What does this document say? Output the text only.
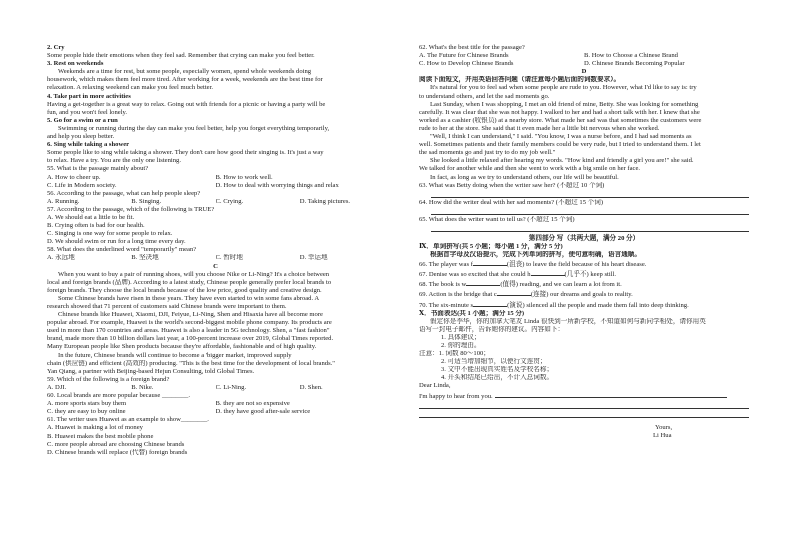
2. Cry
Some people hide their emotions when they feel sad. Remember that crying can make you feel better.
3. Rest on weekends
Weekends are a time for rest, but some people, especially women, spend whole weekends doing
housework, which makes them feel more tired. After working for a week, weekends are the best time for
relaxation. A relaxing weekend can make you feel much better.
4. Take part in more activities
Having a get-together is a great way to relax. Going out with friends for a picnic or having a party will be
fun, and you won't feel lonely.
5. Go for a swim or a run
Swimming or running during the day can make you feel better, help you forget everything temporarily,
and help you sleep better.
6. Sing while taking a shower
Some people like to sing while taking a shower. They don't care how good their singing is. It's just a way
to relax. Have a try. You are the only one listening.
55. What is the passage mainly about?
A. How to cheer up.	B. How to work well.
C. Life in Modern society.	D. How to deal with worrying things and relax
56. According to the passage, what can help people sleep?
A. Running.	B. Singing.	C. Crying.	D. Taking pictures.
57. According to the passage, which of the following is TRUE?
A. We should eat a little to be fit.
B. Crying often is bad for our health.
C. Singing is one way for some people to relax.
D. We should swim or run for a long time every day.
58. What does the underlined word "temporarily" mean?
A. 永远地	B. 坚决地	C. 暂时地	D. 幸运地
C
When you want to buy a pair of running shoes, will you choose Nike or Li-Ning? It's a choice between
local and foreign brands (品牌). According to a latest study, Chinese people generally prefer local brands to
foreign brands. They choose the local brands because of the low price, good quality and creative design.
Some Chinese brands have risen in these years. They have even started to win some fans abroad. A
research showed that 71 percent of customers said Chinese brands were important to them.
Chinese brands like Huawei, Xiaomi, DJI, Feiyue, Li-Ning, Shen and Hisaxia have all become more
popular abroad. For example, Huawei is the world's second-biggest mobile phone company. Its products are
used in more than 170 countries and areas. Huawei is also a leader in 5G technology. Shen, a "fast fashion"
brand, made more than 10 billion dollars last year, a 100-percent increase over 2019, Global Times reported.
Many European people like Shen products because they're affordable, fashionable and of high quality.
In the future, Chinese brands will continue to become a 'bigger market, improved supply
chain (供应链) and efficient (高效的) producing. "This is the best time for the development of local brands."
Yan Qiang, a partner with Beijing-based Hejun Consulting, told Global Times.
59. Which of the following is a foreign brand?
A. DJI.	B. Nike.	C. Li-Ning.	D. Shen.
60. Local brands are more popular because ________.
A. more sports stars buy them	B. they are not so expensive
C. they are easy to buy online	D. they have good after-sale service
61. The writer uses Huawei as an example to show________.
A. Huawei is making a lot of money
B. Huawei makes the best mobile phone
C. more people abroad are choosing Chinese brands
D. Chinese brands will replace (代替) foreign brands
62. What's the best title for the passage?
A. The Future for Chinese Brands	B. How to Choose a Chinese Brand
C. How to Develop Chinese Brands	D. Chinese Brands Becoming Popular
D
阅读下面短文，并用英语回答问题（请注意每小题后面的词数要求）。
It's natural for you to feel sad when some people are rude to you. However, what I'd like to say is: try
to understand others, and let the sad moments go.
Last Sunday, when I was shopping, I met an old friend of mine, Betty. She was looking for something
carefully. It was clear that she was not happy. I walked to her and had a short talk with her. I knew that she
worked as a cashier (收银员) at a nearby store. What made her sad was that sometimes the customers were
rude to her at the store. She said that it even made her a little bit nervous when she worked.
"Well, I think I can understand," I said. "You know, I was a nurse before, and I had sad moments as
well. Sometimes patients and their family members could be very rude, but I tried to understand them. I let
the sad moments go and just try to do my job well."
She looked a little relaxed after hearing my words. "How kind and friendly a girl you are!" she said.
We talked for another while and then she went to work with a big smile on her face.
In fact, as long as we try to understand others, our life will be beautiful.
63. What was Betty doing when the writer saw her? (不超过 10 个词)
64. How did the writer deal with her sad moments? (不超过 15 个词)
65. What does the writer want to tell us? (不超过 15 个词)
第四部分 写（共两大题，满分 20 分）
Ⅸ．单词拼写(共 5 小题；每小题 1 分，满分 5 分)
根据首字母及汉语提示，完成下列单词的拼写，使句意明确，语言通顺。
66. The player was f	(沮丧) to leave the field because of his heart disease.
67. Denise was so excited that she could h	(几乎不) keep still.
68. The book is w	(值得) reading, and we can learn a lot from it.
69. Action is the bridge that c	(连接) our dreams and goals to reality.
70. The six-minute s	(演说) silenced all the people and made them fall into deep thinking.
Ⅹ．书面表达(共 1 小题；满分 15 分)
假定你是李华，你的加拿大笔友 Linda 很快到一所新学校，不知道如何与新同学相处，请你用英
语写一封电子邮件，告诉她你的建议。内容如下：
1. 具体建议；
2. 你的理由。
注意：1. 词数 80～100；
2. 可适当增加细节，以使行文连贯；
3. 文中不能出现真实姓名及学校名称；
4. 开头和结尾已给出，不计入总词数。
Dear Linda,
I'm happy to hear from you.
Yours,
Li Hua
